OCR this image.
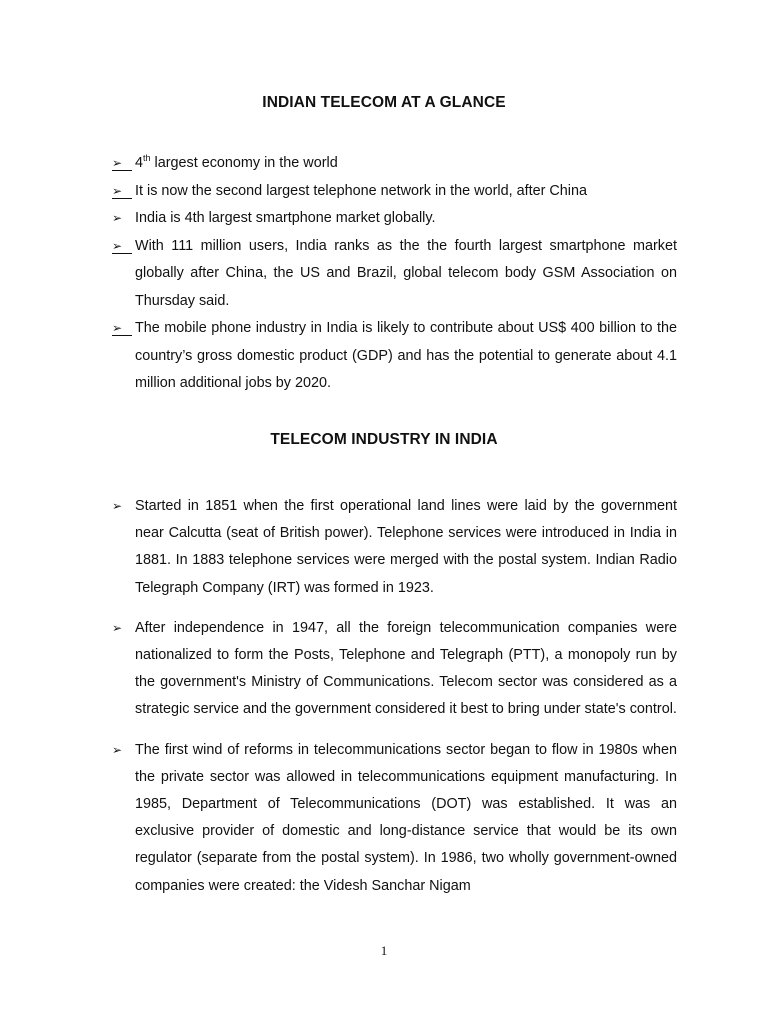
INDIAN TELECOM AT A GLANCE
➢ 4th largest economy in the world
➢ It is now the second largest telephone network in the world, after China
➢ India is 4th largest smartphone market globally.
➢ With 111 million users, India ranks as the the fourth largest smartphone market globally after China, the US and Brazil, global telecom body GSM Association on Thursday said.
➢ The mobile phone industry in India is likely to contribute about US$ 400 billion to the country’s gross domestic product (GDP) and has the potential to generate about 4.1 million additional jobs by 2020.
TELECOM INDUSTRY IN INDIA
➢ Started in 1851 when the first operational land lines were laid by the government near Calcutta (seat of British power). Telephone services were introduced in India in 1881. In 1883 telephone services were merged with the postal system. Indian Radio Telegraph Company (IRT) was formed in 1923.
➢ After independence in 1947, all the foreign telecommunication companies were nationalized to form the Posts, Telephone and Telegraph (PTT), a monopoly run by the government's Ministry of Communications. Telecom sector was considered as a strategic service and the government considered it best to bring under state's control.
➢ The first wind of reforms in telecommunications sector began to flow in 1980s when the private sector was allowed in telecommunications equipment manufacturing. In 1985, Department of Telecommunications (DOT) was established. It was an exclusive provider of domestic and long-distance service that would be its own regulator (separate from the postal system). In 1986, two wholly government-owned companies were created: the Videsh Sanchar Nigam
1
